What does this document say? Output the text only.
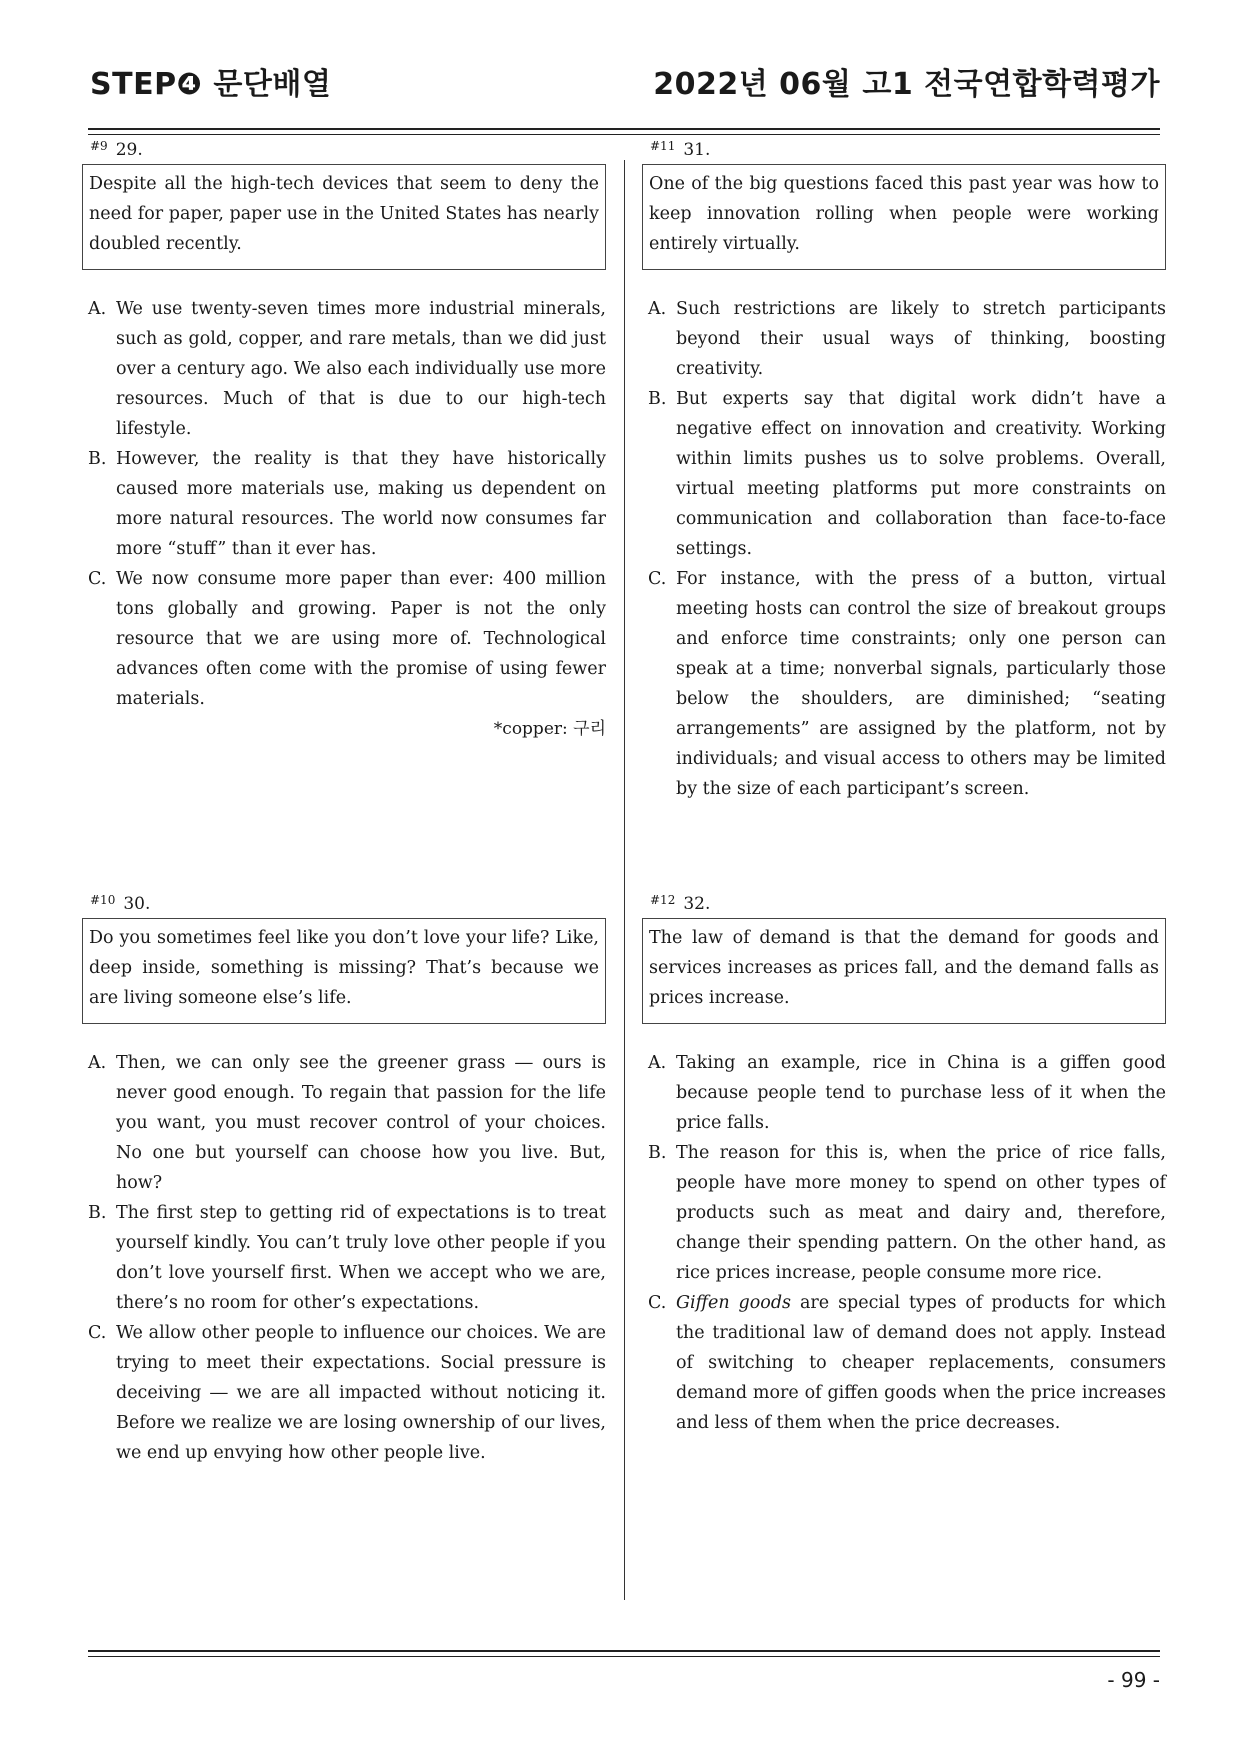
STEP❹ 문단배열	2022년 06월 고1 전국연합학력평가
#9 29.
Despite all the high-tech devices that seem to deny the need for paper, paper use in the United States has nearly doubled recently.
A. We use twenty-seven times more industrial minerals, such as gold, copper, and rare metals, than we did just over a century ago. We also each individually use more resources. Much of that is due to our high-tech lifestyle.
B. However, the reality is that they have historically caused more materials use, making us dependent on more natural resources. The world now consumes far more “stuff” than it ever has.
C. We now consume more paper than ever: 400 million tons globally and growing. Paper is not the only resource that we are using more of. Technological advances often come with the promise of using fewer materials.
*copper: 구리
#11 31.
One of the big questions faced this past year was how to keep innovation rolling when people were working entirely virtually.
A. Such restrictions are likely to stretch participants beyond their usual ways of thinking, boosting creativity.
B. But experts say that digital work didn’t have a negative effect on innovation and creativity. Working within limits pushes us to solve problems. Overall, virtual meeting platforms put more constraints on communication and collaboration than face-to-face settings.
C. For instance, with the press of a button, virtual meeting hosts can control the size of breakout groups and enforce time constraints; only one person can speak at a time; nonverbal signals, particularly those below the shoulders, are diminished; “seating arrangements” are assigned by the platform, not by individuals; and visual access to others may be limited by the size of each participant’s screen.
#10 30.
Do you sometimes feel like you don’t love your life? Like, deep inside, something is missing? That’s because we are living someone else’s life.
A. Then, we can only see the greener grass ― ours is never good enough. To regain that passion for the life you want, you must recover control of your choices. No one but yourself can choose how you live. But, how?
B. The first step to getting rid of expectations is to treat yourself kindly. You can’t truly love other people if you don’t love yourself first. When we accept who we are, there’s no room for other’s expectations.
C. We allow other people to influence our choices. We are trying to meet their expectations. Social pressure is deceiving ― we are all impacted without noticing it. Before we realize we are losing ownership of our lives, we end up envying how other people live.
#12 32.
The law of demand is that the demand for goods and services increases as prices fall, and the demand falls as prices increase.
A. Taking an example, rice in China is a giffen good because people tend to purchase less of it when the price falls.
B. The reason for this is, when the price of rice falls, people have more money to spend on other types of products such as meat and dairy and, therefore, change their spending pattern. On the other hand, as rice prices increase, people consume more rice.
C. Giffen goods are special types of products for which the traditional law of demand does not apply. Instead of switching to cheaper replacements, consumers demand more of giffen goods when the price increases and less of them when the price decreases.
- 99 -
